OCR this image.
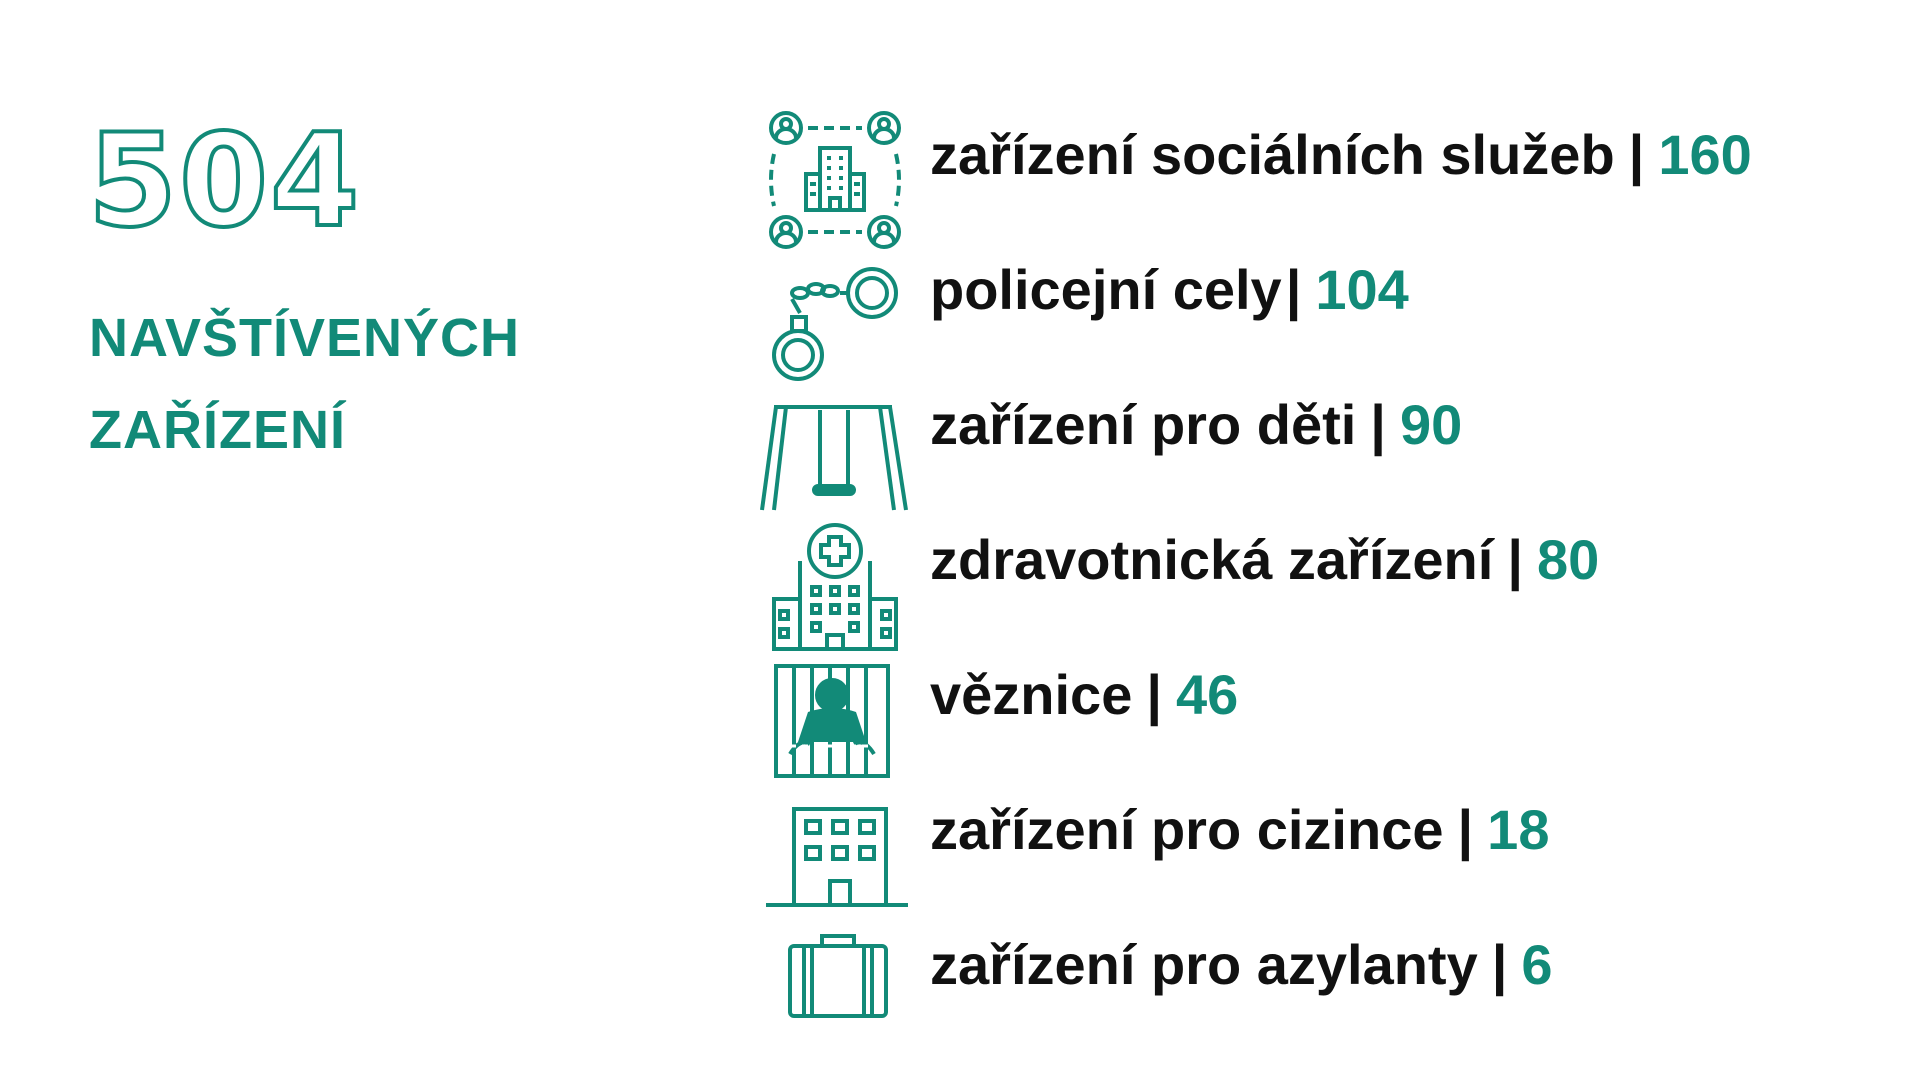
504
NAVŠTÍVENÝCH
ZAŘÍZENÍ
zařízení sociálních služeb | 160
policejní cely| 104
zařízení pro děti | 90
zdravotnická zařízení | 80
věznice | 46
zařízení pro cizince | 18
zařízení pro azylanty | 6
